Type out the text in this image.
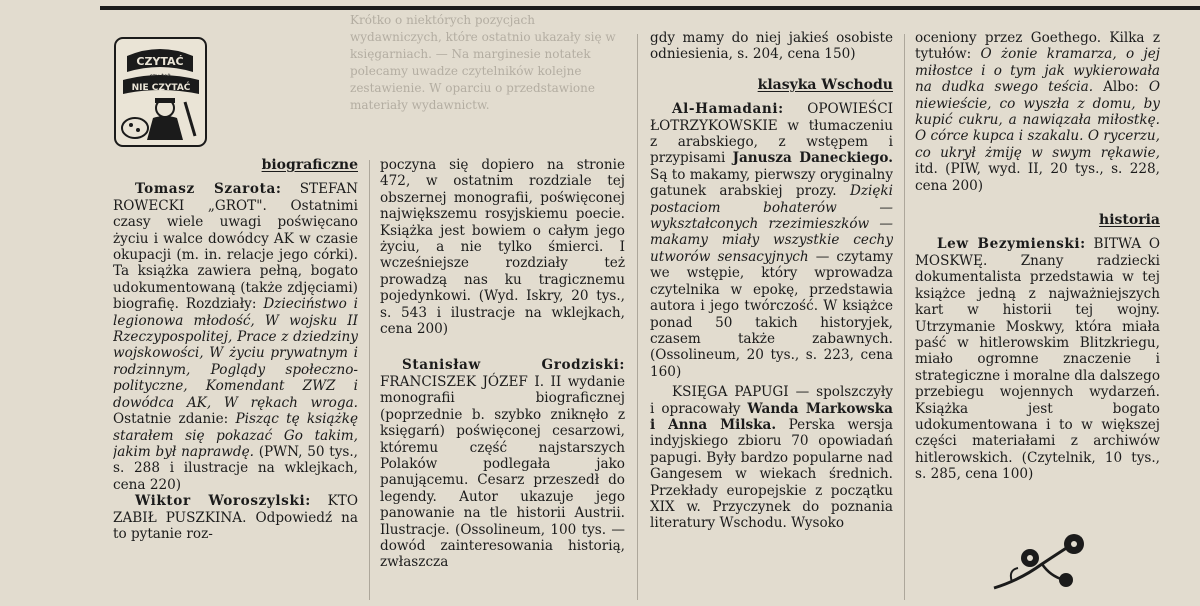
Krótko o niektórych pozycjach wydawniczych, które ostatnio ukazały się w księgarniach. — Na marginesie notatek polecamy uwadze czytelników kolejne zestawienie. W oparciu o przedstawione materiały wydawnictw.
CZYTAĆ
NIE CZYTAĆ
biograficzne

Tomasz Szarota: STEFAN ROWECKI „GROT". Ostatnimi czasy wiele uwagi poświęcano życiu i walce dowódcy AK w czasie okupacji (m. in. relacje jego córki). Ta książka zawiera pełną, bogato udokumentowaną (także zdjęciami) biografię. Rozdziały: Dzieciństwo i legionowa młodość, W wojsku II Rzeczypospolitej, Prace z dziedziny wojskowości, W życiu prywatnym i rodzinnym, Poglądy społeczno-polityczne, Komendant ZWZ i dowódca AK, W rękach wroga. Ostatnie zdanie: Pisząc tę książkę starałem się pokazać Go takim, jakim był naprawdę. (PWN, 50 tys., s. 288 i ilustracje na wklejkach, cena 220)

Wiktor Woroszylski: KTO ZABIŁ PUSZKINA. Odpowiedź na to pytanie roz-

poczyna się dopiero na stronie 472, w ostatnim rozdziale tej obszernej monografii, poświęconej największemu rosyjskiemu poecie. Książka jest bowiem o całym jego życiu, a nie tylko śmierci. I wcześniejsze rozdziały też prowadzą nas ku tragicznemu pojedynkowi. (Wyd. Iskry, 20 tys., s. 543 i ilustracje na wklejkach, cena 200)

Stanisław Grodziski: FRANCISZEK JÓZEF I. II wydanie monografii biograficznej (poprzednie b. szybko zniknęło z księgarń) poświęconej cesarzowi, któremu część najstarszych Polaków podlegała jako panującemu. Cesarz przeszedł do legendy. Autor ukazuje jego panowanie na tle historii Austrii. Ilustracje. (Ossolineum, 100 tys. — dowód zainteresowania historią, zwłaszcza

gdy mamy do niej jakieś osobiste odniesienia, s. 204, cena 150)

klasyka Wschodu

Al-Hamadani: OPOWIEŚCI ŁOTRZYKOWSKIE w tłumaczeniu z arabskiego, z wstępem i przypisami Janusza Daneckiego. Są to makamy, pierwszy oryginalny gatunek arabskiej prozy. Dzięki postaciom bohaterów — wykształconych rzezimieszków — makamy miały wszystkie cechy utworów sensacyjnych — czytamy we wstępie, który wprowadza czytelnika w epokę, przedstawia autora i jego twórczość. W książce ponad 50 takich historyjek, czasem także zabawnych. (Ossolineum, 20 tys., s. 223, cena 160)

KSIĘGA PAPUGI — spolszczyły i opracowały Wanda Markowska i Anna Milska. Perska wersja indyjskiego zbioru 70 opowiadań papugi. Były bardzo popularne nad Gangesem w wiekach średnich. Przekłady europejskie z początku XIX w. Przyczynek do poznania literatury Wschodu. Wysoko

oceniony przez Goethego. Kilka z tytułów: O żonie kramarza, o jej miłostce i o tym jak wykierowała na dudka swego teścia. Albo: O niewieście, co wyszła z domu, by kupić cukru, a nawiązała miłostkę. O córce kupca i szakalu. O rycerzu, co ukrył żmiję w swym rękawie, itd. (PIW, wyd. II, 20 tys., s. 228, cena 200)

historia

Lew Bezymienski: BITWA O MOSKWĘ. Znany radziecki dokumentalista przedstawia w tej książce jedną z najważniejszych kart w historii tej wojny. Utrzymanie Moskwy, która miała paść w hitlerowskim Blitzkriegu, miało ogromne znaczenie i strategiczne i moralne dla dalszego przebiegu wojennych wydarzeń. Książka jest bogato udokumentowana i to w większej części materiałami z archiwów hitlerowskich. (Czytelnik, 10 tys., s. 285, cena 100)
